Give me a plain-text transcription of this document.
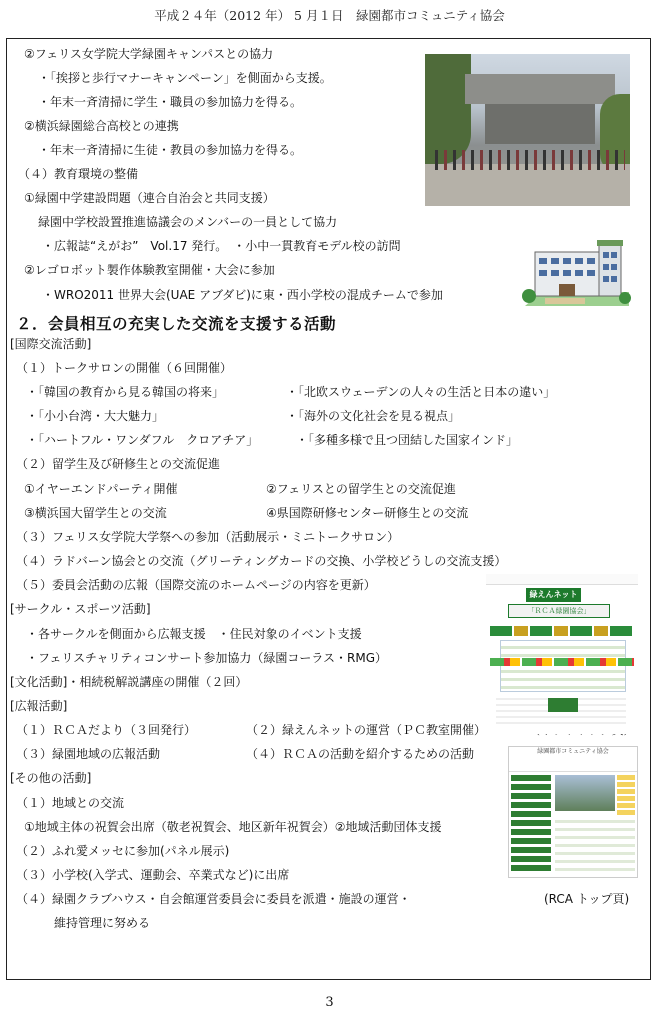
平成２４年（2012 年） 5 月１日　緑園都市コミュニティ協会
②フェリス女学院大学緑園キャンパスとの協力
・「挨拶と歩行マナーキャンペーン」を側面から支援。
・年末一斉清掃に学生・職員の参加協力を得る。
②横浜緑園総合高校との連携
・年末一斉清掃に生徒・教員の参加協力を得る。
（４）教育環境の整備
①緑園中学建設問題（連合自治会と共同支援）
緑園中学校設置推進協議会のメンバーの一員として協力
・広報誌“えがお”　Vol.17 発行。　・小中一貫教育モデル校の訪問
②レゴロボット製作体験教室開催・大会に参加
・WRO2011 世界大会(UAE アブダビ)に東・西小学校の混成チームで参加
２．会員相互の充実した交流を支援する活動
[国際交流活動]
（１）トークサロンの開催（６回開催）
・「韓国の教育から見る韓国の将来」	・「北欧スウェーデンの人々の生活と日本の違い」
・「小小台湾・大大魅力」	・「海外の文化社会を見る視点」
・「ハートフル・ワンダフル　クロアチア」	・「多種多様で且つ団結した国家インド」
（２）留学生及び研修生との交流促進
①イヤーエンドパーティ開催	②フェリスとの留学生との交流促進
③横浜国大留学生との交流	④県国際研修センター研修生との交流
（３）フェリス女学院大学祭への参加（活動展示・ミニトークサロン）
（４）ラドバーン協会との交流（グリーティングカードの交換、小学校どうしの交流支援）
（５）委員会活動の広報（国際交流のホームページの内容を更新）
[サークル・スポーツ活動]
・各サークルを側面から広報支援　・住民対象のイベント支援
・フェリスチャリティコンサート参加協力（緑園コーラス・RMG）
[文化活動]・相続税解説講座の開催（２回）
[広報活動]
（１）ＲＣＡだより（３回発行）	（２）緑えんネットの運営（ＰＣ教室開催）
（３）緑園地域の広報活動	（４）ＲＣＡの活動を紹介するための活動
[その他の活動]
（１）地域との交流
①地域主体の祝賀会出席（敬老祝賀会、地区新年祝賀会）②地域活動団体支援
（２）ふれ愛メッセに参加(パネル展示)
（３）小学校(入学式、運動会、卒業式など)に出席
（４）緑園クラブハウス・自会館運営委員会に委員を派遣・施設の運営・	(RCA トップ頁)
維持管理に努める
緑えんネット
「ＲＣＡ緑園協会」
緑園都市コミュニティ協会
3
